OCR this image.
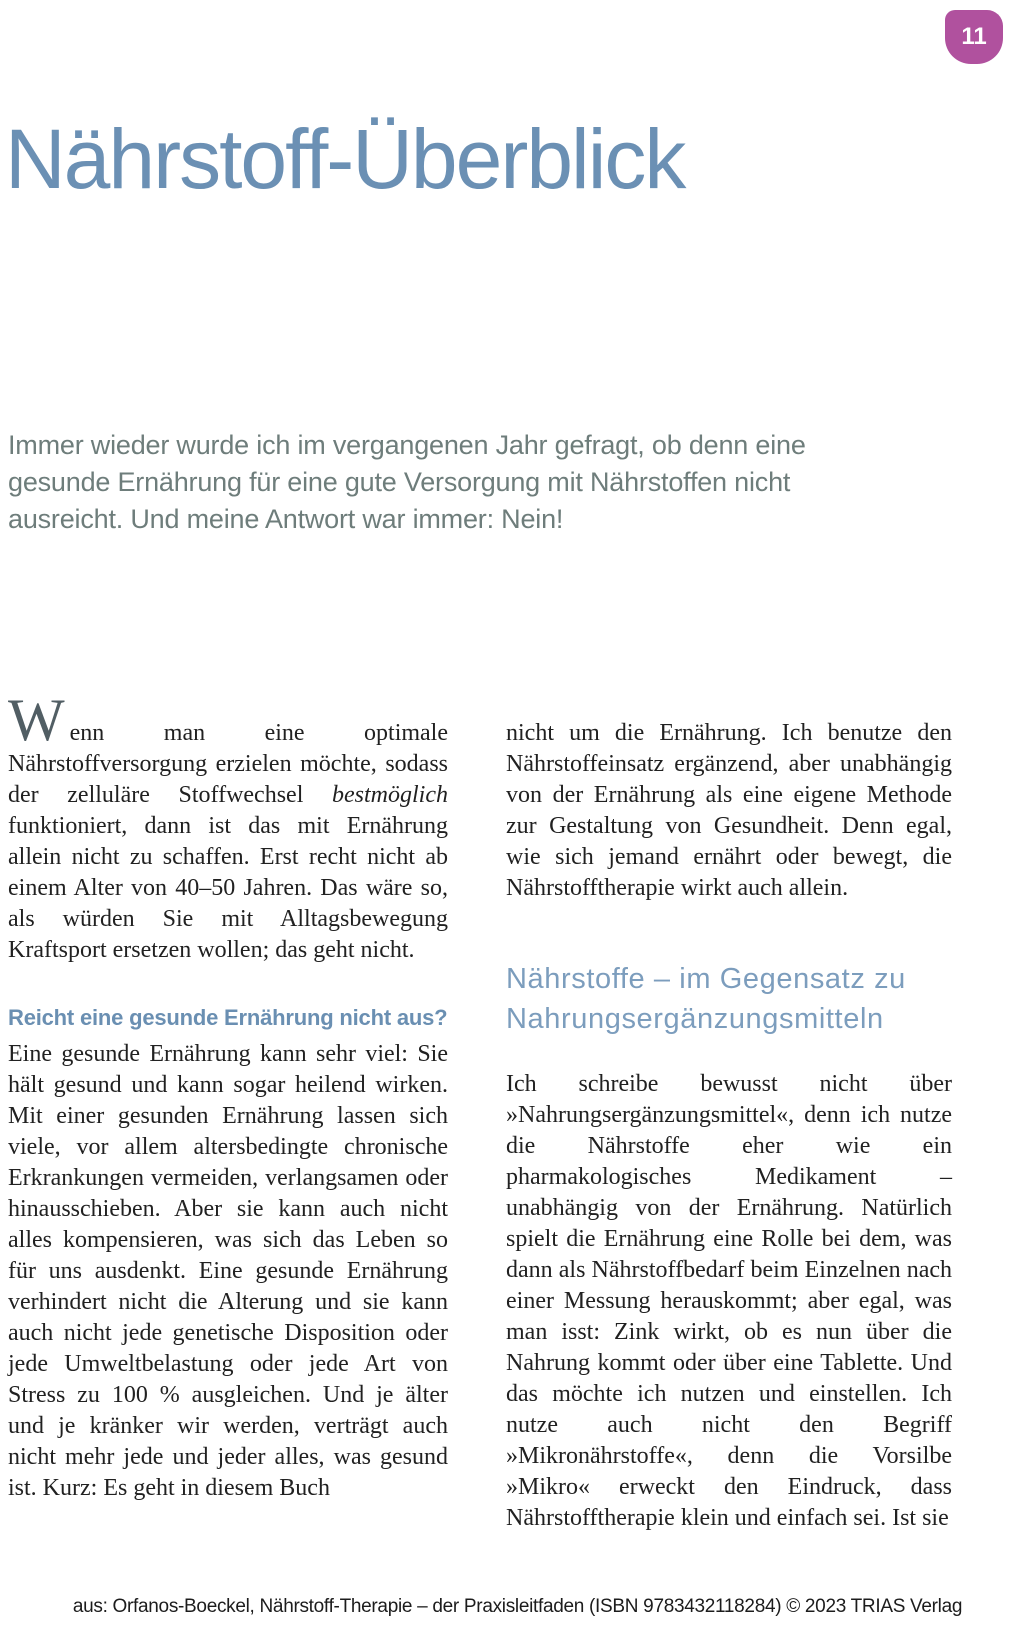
11
Nährstoff-Überblick

Immer wieder wurde ich im vergangenen Jahr gefragt, ob denn eine gesunde Ernährung für eine gute Versorgung mit Nährstoffen nicht ausreicht. Und meine Antwort war immer: Nein!

Wenn man eine optimale Nährstoffversorgung erzielen möchte, sodass der zelluläre Stoffwechsel bestmöglich funktioniert, dann ist das mit Ernährung allein nicht zu schaffen. Erst recht nicht ab einem Alter von 40–50 Jahren. Das wäre so, als würden Sie mit Alltagsbewegung Kraftsport ersetzen wollen; das geht nicht.

Reicht eine gesunde Ernährung nicht aus?

Eine gesunde Ernährung kann sehr viel: Sie hält gesund und kann sogar heilend wirken. Mit einer gesunden Ernährung lassen sich viele, vor allem altersbedingte chronische Erkrankungen vermeiden, verlangsamen oder hinausschieben. Aber sie kann auch nicht alles kompensieren, was sich das Leben so für uns ausdenkt. Eine gesunde Ernährung verhindert nicht die Alterung und sie kann auch nicht jede genetische Disposition oder jede Umweltbelastung oder jede Art von Stress zu 100 % ausgleichen. Und je älter und je kränker wir werden, verträgt auch nicht mehr jede und jeder alles, was gesund ist. Kurz: Es geht in diesem Buch

nicht um die Ernährung. Ich benutze den Nährstoffeinsatz ergänzend, aber unabhängig von der Ernährung als eine eigene Methode zur Gestaltung von Gesundheit. Denn egal, wie sich jemand ernährt oder bewegt, die Nährstofftherapie wirkt auch allein.

Nährstoffe – im Gegensatz zu
Nahrungsergänzungsmitteln

Ich schreibe bewusst nicht über »Nahrungsergänzungsmittel«, denn ich nutze die Nährstoffe eher wie ein pharmakologisches Medikament – unabhängig von der Ernährung. Natürlich spielt die Ernährung eine Rolle bei dem, was dann als Nährstoffbedarf beim Einzelnen nach einer Messung herauskommt; aber egal, was man isst: Zink wirkt, ob es nun über die Nahrung kommt oder über eine Tablette. Und das möchte ich nutzen und einstellen. Ich nutze auch nicht den Begriff »Mikronährstoffe«, denn die Vorsilbe »Mikro« erweckt den Eindruck, dass Nährstofftherapie klein und einfach sei. Ist sie

aus: Orfanos-Boeckel, Nährstoff-Therapie – der Praxisleitfaden (ISBN 9783432118284) © 2023 TRIAS Verlag
